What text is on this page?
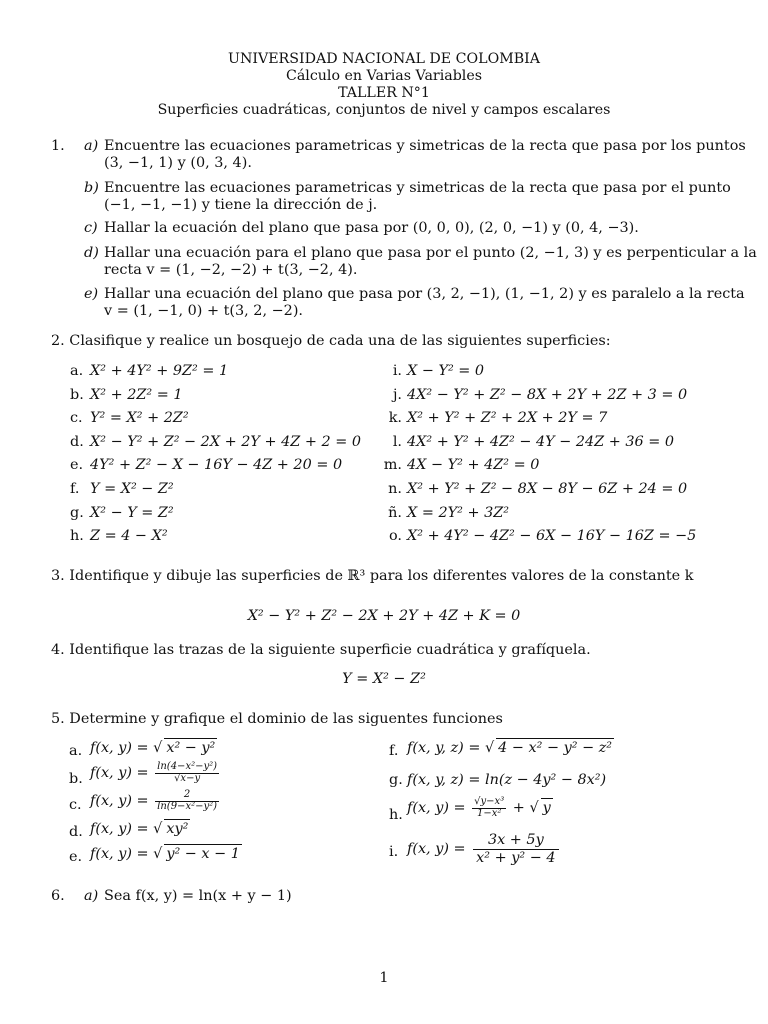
UNIVERSIDAD NACIONAL DE COLOMBIA
Cálculo en Varias Variables
TALLER N°1
Superficies cuadráticas, conjuntos de nivel y campos escalares
1. a) Encuentre las ecuaciones parametricas y simetricas de la recta que pasa por los puntos
(3, −1, 1) y (0, 3, 4).
b) Encuentre las ecuaciones parametricas y simetricas de la recta que pasa por el punto
(−1, −1, −1) y tiene la dirección de j.
c) Hallar la ecuación del plano que pasa por (0, 0, 0), (2, 0, −1) y (0, 4, −3).
d) Hallar una ecuación para el plano que pasa por el punto (2, −1, 3) y es perpenticular a la
recta v = (1, −2, −2) + t(3, −2, 4).
e) Hallar una ecuación del plano que pasa por (3, 2, −1), (1, −1, 2) y es paralelo a la recta
v = (1, −1, 0) + t(3, 2, −2).
2. Clasifique y realice un bosquejo de cada una de las siguientes superficies:
a. X² + 4Y² + 9Z² = 1
b. X² + 2Z² = 1
c. Y² = X² + 2Z²
d. X² − Y² + Z² − 2X + 2Y + 4Z + 2 = 0
e. 4Y² + Z² − X − 16Y − 4Z + 20 = 0
f. Y = X² − Z²
g. X² − Y = Z²
h. Z = 4 − X²
i. X − Y² = 0
j. 4X² − Y² + Z² − 8X + 2Y + 2Z + 3 = 0
k. X² + Y² + Z² + 2X + 2Y = 7
l. 4X² + Y² + 4Z² − 4Y − 24Z + 36 = 0
m. 4X − Y² + 4Z² = 0
n. X² + Y² + Z² − 8X − 8Y − 6Z + 24 = 0
ñ. X = 2Y² + 3Z²
o. X² + 4Y² − 4Z² − 6X − 16Y − 16Z = −5
3. Identifique y dibuje las superficies de ℝ³ para los diferentes valores de la constante k
X² − Y² + Z² − 2X + 2Y + 4Z + K = 0
4. Identifique las trazas de la siguiente superficie cuadrática y grafíquela.
Y = X² − Z²
5. Determine y grafique el dominio de las siguentes funciones
a. f(x, y) = √ x² − y²
b. f(x, $y) = \frac{\text{ln(4−x²−y²)}}{√x-y}$
c. f(x, $y) = \frac{2}{\text{ln(9−x²−y²)}}$
d. f(x, y) = √ xy²
e. f(x, y) = √ y² − x − 1
f. f(x, y, z) = √ 4 − x² − y² − z²
g. f(x, y, z) = ln(z − 4y² − 8x²)
h. f(x, $y) = \frac{\text{√y−x³}}{\text{1−x²}}$ + √ y
i. f(x, $y) = \frac{3x + 5y}{\text{x² + y² − 4}}$
6. a) Sea f(x, y) = ln(x + y − 1)
1
